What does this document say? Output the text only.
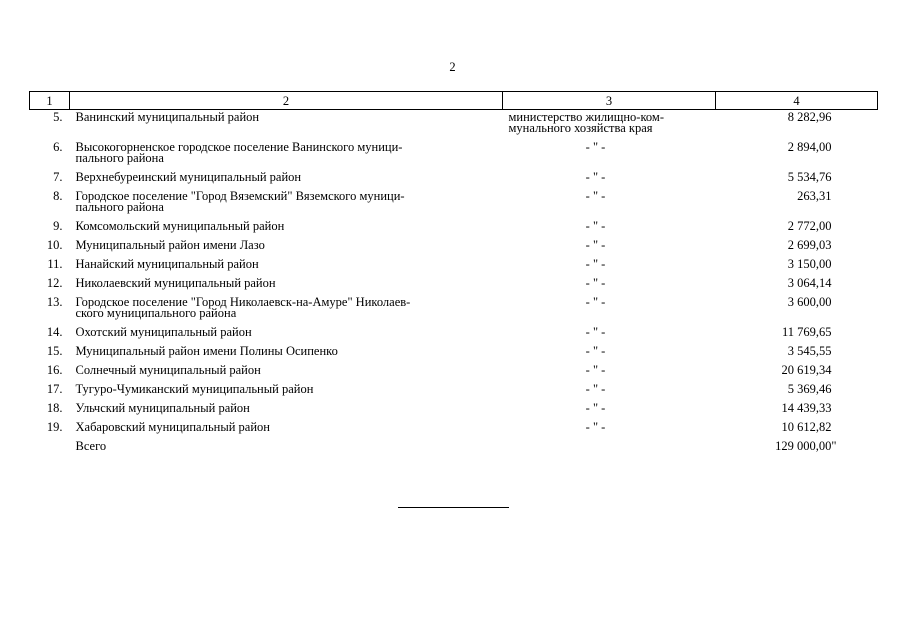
2
1	2	3	4
5.	Ванинский муниципальный район	министерство жилищно-ком-
мунального хозяйства края	8 282,96
6.	Высокогорненское городское поселение Ванинского муници-
пального района	- " -	2 894,00
7.	Верхнебуреинский муниципальный район	- " -	5 534,76
8.	Городское поселение "Город Вяземский" Вяземского муници-
пального района	- " -	263,31
9.	Комсомольский муниципальный район	- " -	2 772,00
10.	Муниципальный район имени Лазо	- " -	2 699,03
11.	Нанайский муниципальный район	- " -	3 150,00
12.	Николаевский муниципальный район	- " -	3 064,14
13.	Городское поселение "Город Николаевск-на-Амуре" Николаев-
ского муниципального района	- " -	3 600,00
14.	Охотский муниципальный район	- " -	11 769,65
15.	Муниципальный район имени Полины Осипенко	- " -	3 545,55
16.	Солнечный муниципальный район	- " -	20 619,34
17.	Тугуро-Чумиканский муниципальный район	- " -	5 369,46
18.	Ульчский муниципальный район	- " -	14 439,33
19.	Хабаровский муниципальный район	- " -	10 612,82
	Всего		129 000,00"
